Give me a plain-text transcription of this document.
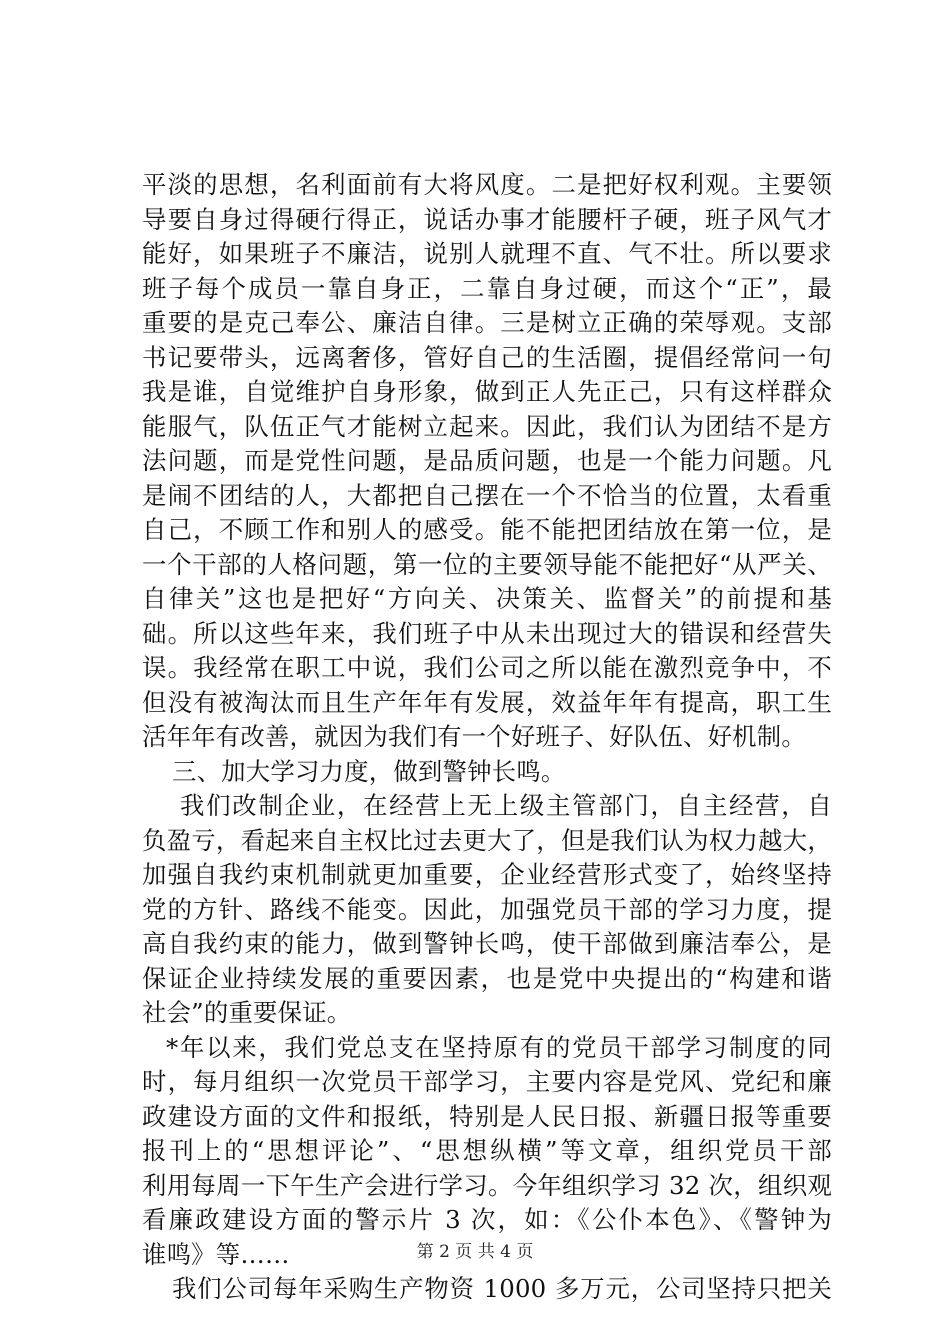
平淡的思想，名利面前有大将风度。二是把好权利观。主要领
导要自身过得硬行得正，说话办事才能腰杆子硬，班子风气才
能好，如果班子不廉洁，说别人就理不直、气不壮。所以要求
班子每个成员一靠自身正，二靠自身过硬，而这个“正”，最
重要的是克己奉公、廉洁自律。三是树立正确的荣辱观。支部
书记要带头，远离奢侈，管好自己的生活圈，提倡经常问一句
我是谁，自觉维护自身形象，做到正人先正己，只有这样群众
能服气，队伍正气才能树立起来。因此，我们认为团结不是方
法问题，而是党性问题，是品质问题，也是一个能力问题。凡
是闹不团结的人，大都把自己摆在一个不恰当的位置，太看重
自己，不顾工作和别人的感受。能不能把团结放在第一位，是
一个干部的人格问题，第一位的主要领导能不能把好“从严关、
自律关”这也是把好“方向关、决策关、监督关”的前提和基
础。所以这些年来，我们班子中从未出现过大的错误和经营失
误。我经常在职工中说，我们公司之所以能在激烈竞争中，不
但没有被淘汰而且生产年年有发展，效益年年有提高，职工生
活年年有改善，就因为我们有一个好班子、好队伍、好机制。
三、加大学习力度，做到警钟长鸣。
我们改制企业，在经营上无上级主管部门，自主经营，自
负盈亏，看起来自主权比过去更大了，但是我们认为权力越大，
加强自我约束机制就更加重要，企业经营形式变了，始终坚持
党的方针、路线不能变。因此，加强党员干部的学习力度，提
高自我约束的能力，做到警钟长鸣，使干部做到廉洁奉公，是
保证企业持续发展的重要因素，也是党中央提出的“构建和谐
社会”的重要保证。
*年以来，我们党总支在坚持原有的党员干部学习制度的同
时，每月组织一次党员干部学习，主要内容是党风、党纪和廉
政建设方面的文件和报纸，特别是人民日报、新疆日报等重要
报刊上的“思想评论”、“思想纵横”等文章，组织党员干部
利用每周一下午生产会进行学习。今年组织学习 32 次，组织观
看廉政建设方面的警示片 3 次，如：《公仆本色》、《警钟为
谁鸣》等……
我们公司每年采购生产物资 1000 多万元，公司坚持只把关
第 2 页 共 4 页
